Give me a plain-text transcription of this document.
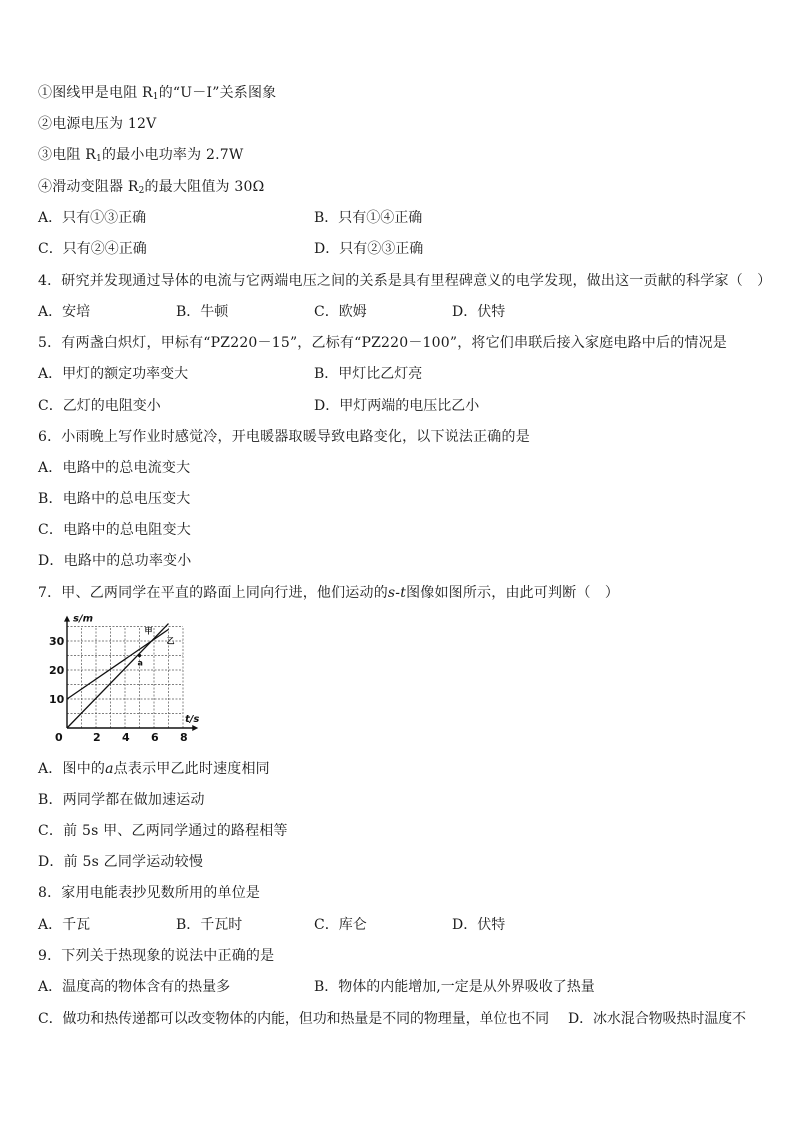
①图线甲是电阻 $R_1$的“U－I”关系图象
②电源电压为 12V
③电阻 $R_1$的最小电功率为 2.7W
④滑动变阻器 $R_2$的最大阻值为 30Ω
A．只有①③正确	B．只有①④正确
C．只有②④正确	D．只有②③正确
4．研究并发现通过导体的电流与它两端电压之间的关系是具有里程碑意义的电学发现，做出这一贡献的科学家（　）
A．安培	B．牛顿	C．欧姆	D．伏特
5．有两盏白炽灯，甲标有“PZ220－15”，乙标有“PZ220－100”，将它们串联后接入家庭电路中后的情况是
A．甲灯的额定功率变大	B．甲灯比乙灯亮
C．乙灯的电阻变小	D．甲灯两端的电压比乙小
6．小雨晚上写作业时感觉冷，开电暖器取暖导致电路变化，以下说法正确的是
A．电路中的总电流变大
B．电路中的总电压变大
C．电路中的总电阻变大
D．电路中的总功率变小
7．甲、乙两同学在平直的路面上同向行进，他们运动的s-t图像如图所示，由此可判断（　）
甲
乙
a
2 4 6 8
10
20
30
0
t/s
s/m
A．图中的a点表示甲乙此时速度相同
B．两同学都在做加速运动
C．前 5s 甲、乙两同学通过的路程相等
D．前 5s 乙同学运动较慢
8．家用电能表抄见数所用的单位是
A．千瓦	B．千瓦时	C．库仑	D．伏特
9．下列关于热现象的说法中正确的是
A．温度高的物体含有的热量多	B．物体的内能增加,一定是从外界吸收了热量
C．做功和热传递都可以改变物体的内能，但功和热量是不同的物理量，单位也不同 D．冰水混合物吸热时温度不
